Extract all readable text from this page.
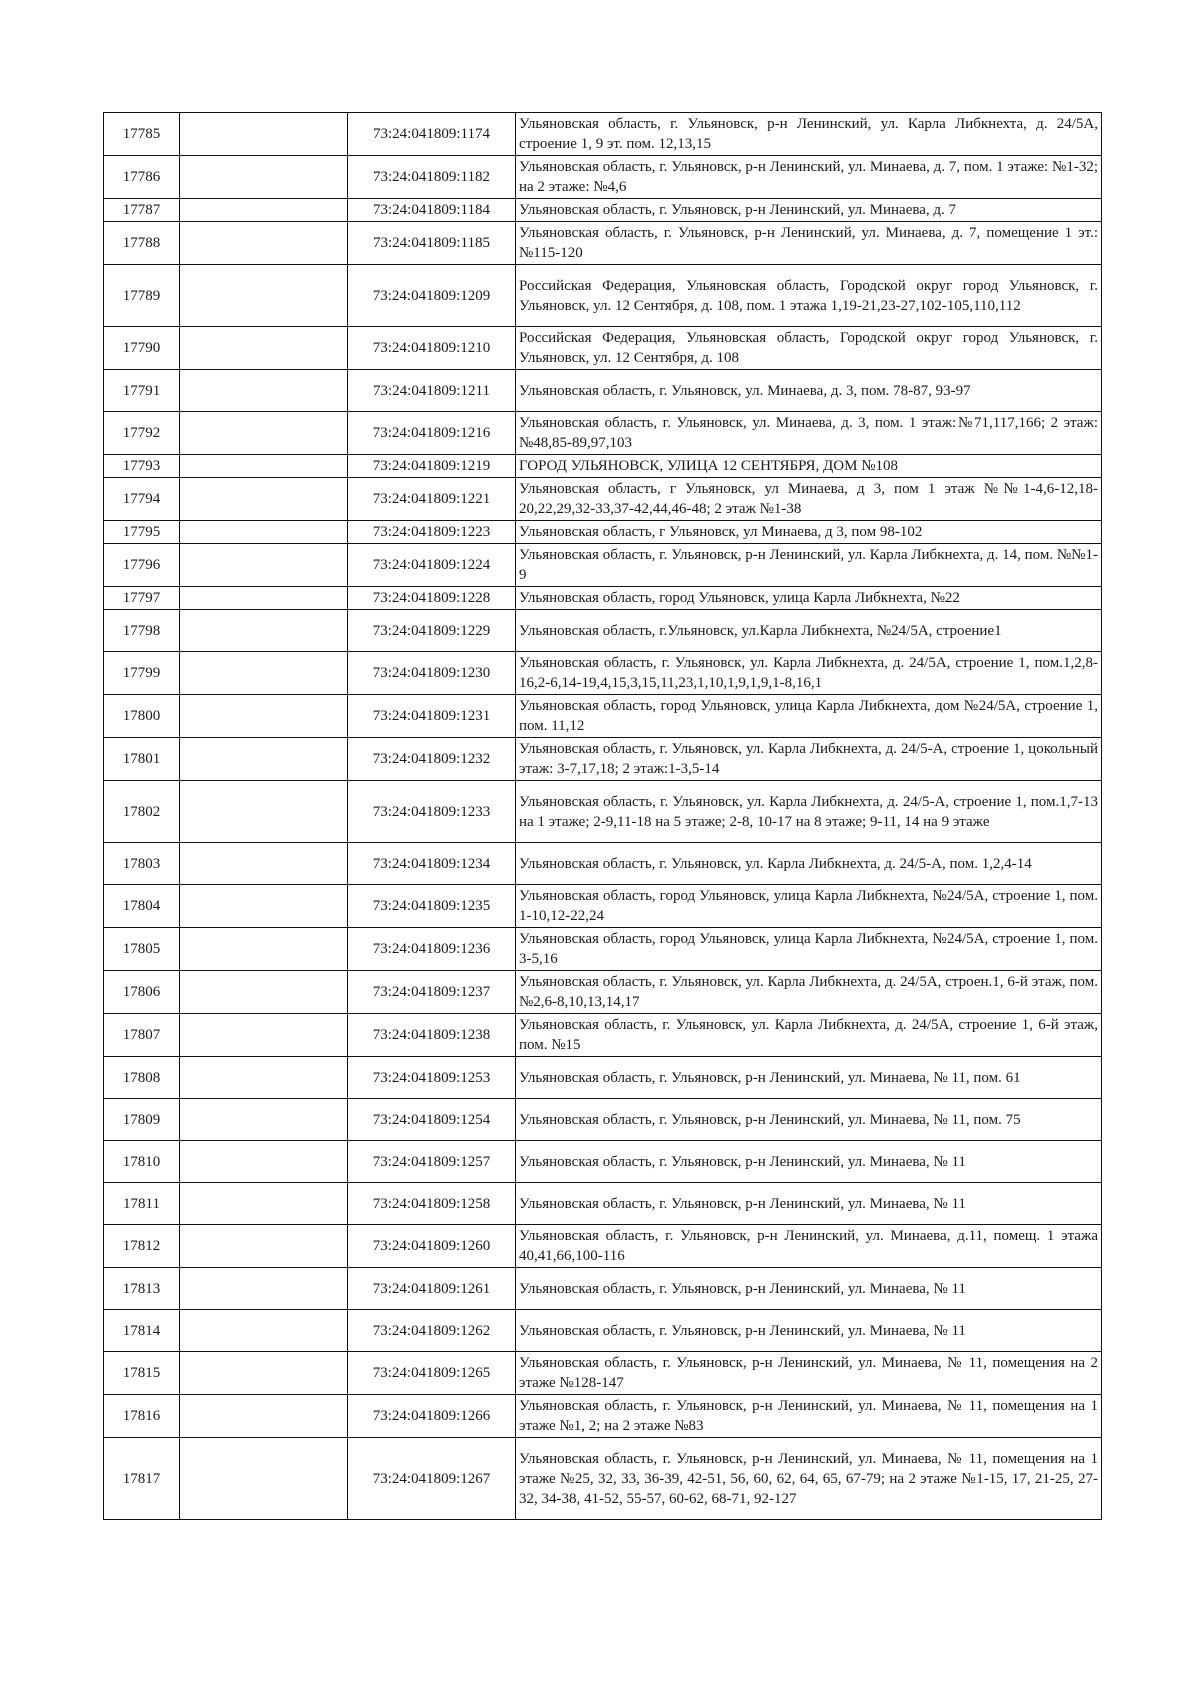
17785		73:24:041809:1174	Ульяновская область, г. Ульяновск, р-н Ленинский, ул. Карла Либкнехта, д. 24/5А, строение 1, 9 эт. пом. 12,13,15
17786		73:24:041809:1182	Ульяновская область, г. Ульяновск, р-н Ленинский, ул. Минаева, д. 7, пом. 1 этаже: №1-32; на 2 этаже: №4,6
17787		73:24:041809:1184	Ульяновская область, г. Ульяновск, р-н Ленинский, ул. Минаева, д. 7
17788		73:24:041809:1185	Ульяновская область, г. Ульяновск, р-н Ленинский, ул. Минаева, д. 7, помещение 1 эт.:№115-120
17789		73:24:041809:1209	Российская Федерация, Ульяновская область, Городской округ город Ульяновск, г. Ульяновск, ул. 12 Сентября, д. 108, пом. 1 этажа 1,19-21,23-27,102-105,110,112
17790		73:24:041809:1210	Российская Федерация, Ульяновская область, Городской округ город Ульяновск, г. Ульяновск, ул. 12 Сентября, д. 108
17791		73:24:041809:1211	Ульяновская область, г. Ульяновск, ул. Минаева, д. 3, пом. 78-87, 93-97
17792		73:24:041809:1216	Ульяновская область, г. Ульяновск, ул. Минаева, д. 3, пом. 1 этаж:№71,117,166; 2 этаж:№48,85-89,97,103
17793		73:24:041809:1219	ГОРОД УЛЬЯНОВСК, УЛИЦА 12 СЕНТЯБРЯ, ДОМ №108
17794		73:24:041809:1221	Ульяновская область, г Ульяновск, ул Минаева, д 3, пом 1 этаж №№1-4,6-12,18-20,22,29,32-33,37-42,44,46-48; 2 этаж №1-38
17795		73:24:041809:1223	Ульяновская область, г Ульяновск, ул Минаева, д 3, пом 98-102
17796		73:24:041809:1224	Ульяновская область, г. Ульяновск, р-н Ленинский, ул. Карла Либкнехта, д. 14, пом. №№1-9
17797		73:24:041809:1228	Ульяновская область, город Ульяновск, улица Карла Либкнехта, №22
17798		73:24:041809:1229	Ульяновская область, г.Ульяновск, ул.Карла Либкнехта, №24/5А, строение1
17799		73:24:041809:1230	Ульяновская область, г. Ульяновск, ул. Карла Либкнехта, д. 24/5А, строение 1, пом.1,2,8-16,2-6,14-19,4,15,3,15,11,23,1,10,1,9,1,9,1-8,16,1
17800		73:24:041809:1231	Ульяновская область, город Ульяновск, улица Карла Либкнехта, дом №24/5А, строение 1, пом. 11,12
17801		73:24:041809:1232	Ульяновская область, г. Ульяновск, ул. Карла Либкнехта, д. 24/5-А, строение 1, цокольный этаж: 3-7,17,18; 2 этаж:1-3,5-14
17802		73:24:041809:1233	Ульяновская область, г. Ульяновск, ул. Карла Либкнехта, д. 24/5-А, строение 1, пом.1,7-13 на 1 этаже; 2-9,11-18 на 5 этаже; 2-8, 10-17 на 8 этаже; 9-11, 14 на 9 этаже
17803		73:24:041809:1234	Ульяновская область, г. Ульяновск, ул. Карла Либкнехта, д. 24/5-А, пом. 1,2,4-14
17804		73:24:041809:1235	Ульяновская область, город Ульяновск, улица Карла Либкнехта, №24/5А, строение 1, пом. 1-10,12-22,24
17805		73:24:041809:1236	Ульяновская область, город Ульяновск, улица Карла Либкнехта, №24/5А, строение 1, пом. 3-5,16
17806		73:24:041809:1237	Ульяновская область, г. Ульяновск, ул. Карла Либкнехта, д. 24/5А, строен.1, 6-й этаж, пом. №2,6-8,10,13,14,17
17807		73:24:041809:1238	Ульяновская область, г. Ульяновск, ул. Карла Либкнехта, д. 24/5А, строение 1, 6-й этаж, пом. №15
17808		73:24:041809:1253	Ульяновская область, г. Ульяновск, р-н Ленинский, ул. Минаева, № 11, пом. 61
17809		73:24:041809:1254	Ульяновская область, г. Ульяновск, р-н Ленинский, ул. Минаева, № 11, пом. 75
17810		73:24:041809:1257	Ульяновская область, г. Ульяновск, р-н Ленинский, ул. Минаева, № 11
17811		73:24:041809:1258	Ульяновская область, г. Ульяновск, р-н Ленинский, ул. Минаева, № 11
17812		73:24:041809:1260	Ульяновская область, г. Ульяновск, р-н Ленинский, ул. Минаева, д.11, помещ. 1 этажа 40,41,66,100-116
17813		73:24:041809:1261	Ульяновская область, г. Ульяновск, р-н Ленинский, ул. Минаева, № 11
17814		73:24:041809:1262	Ульяновская область, г. Ульяновск, р-н Ленинский, ул. Минаева, № 11
17815		73:24:041809:1265	Ульяновская область, г. Ульяновск, р-н Ленинский, ул. Минаева, № 11, помещения на 2 этаже №128-147
17816		73:24:041809:1266	Ульяновская область, г. Ульяновск, р-н Ленинский, ул. Минаева, № 11, помещения на 1 этаже №1, 2; на 2 этаже №83
17817		73:24:041809:1267	Ульяновская область, г. Ульяновск, р-н Ленинский, ул. Минаева, № 11, помещения на 1 этаже №25, 32, 33, 36-39, 42-51, 56, 60, 62, 64, 65, 67-79; на 2 этаже №1-15, 17, 21-25, 27-32, 34-38, 41-52, 55-57, 60-62, 68-71, 92-127
